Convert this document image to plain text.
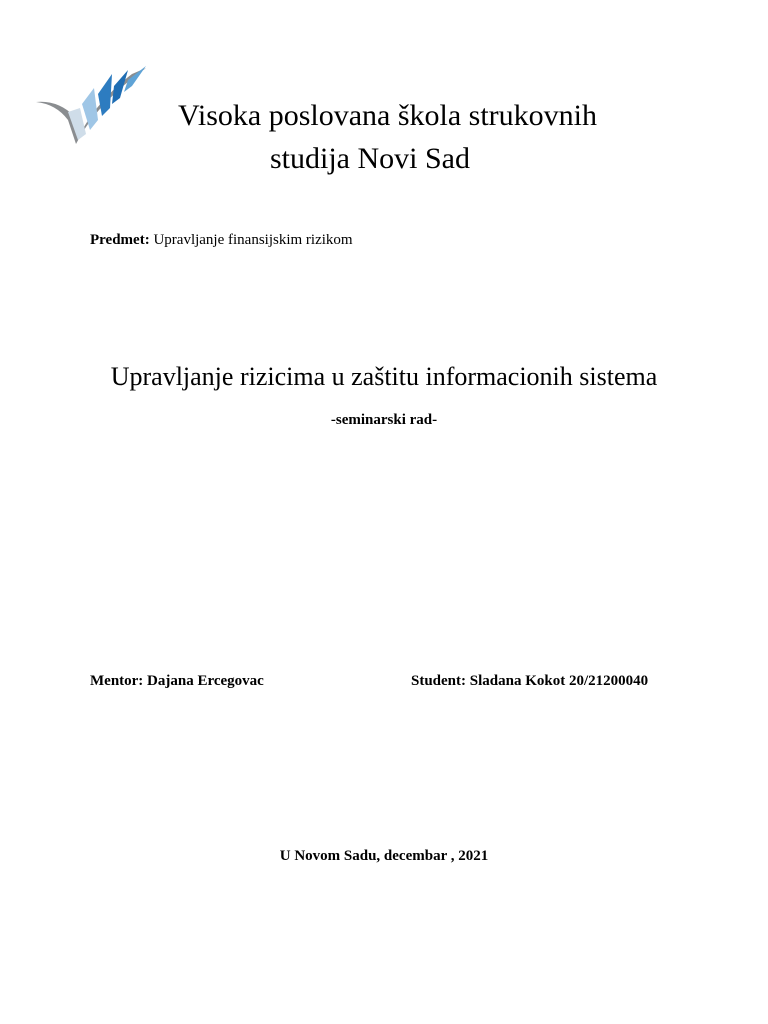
Visoka poslovana škola strukovnih
studija Novi Sad
Predmet: Upravljanje finansijskim rizikom
Upravljanje rizicima u zaštitu informacionih sistema
-seminarski rad-
Mentor: Dajana Ercegovac	Student: Sladana Kokot 20/21200040
U Novom Sadu, decembar , 2021
